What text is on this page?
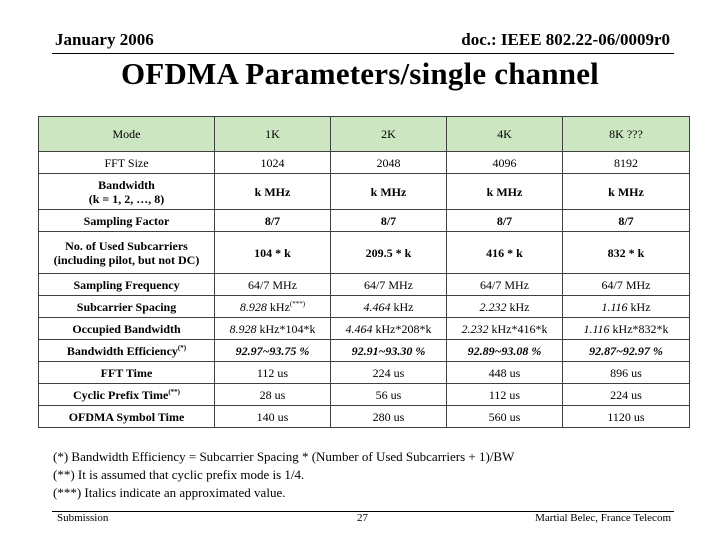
January 2006	doc.: IEEE 802.22-06/0009r0
OFDMA Parameters/single channel
Mode	1K	2K	4K	8K ???
FFT Size	1024	2048	4096	8192

Bandwidth
(k = 1, 2, …, 8)	k MHz	k MHz	k MHz	k MHz
Sampling Factor	8/7	8/7	8/7	8/7

No. of Used Subcarriers
(including pilot, but not DC)	104 * k	209.5 * k	416 * k	832 * k
Sampling Frequency	64/7 MHz	64/7 MHz	64/7 MHz	64/7 MHz
Subcarrier Spacing	8.928 kHz(***)	4.464 kHz	2.232 kHz	1.116 kHz
Occupied Bandwidth	8.928 kHz*104*k	4.464 kHz*208*k	2.232 kHz*416*k	1.116 kHz*832*k
Bandwidth Efficiency(*)	92.97~93.75 %	92.91~93.30 %	92.89~93.08 %	92.87~92.97 %
FFT Time	112 us	224 us	448 us	896 us
Cyclic Prefix Time(**)	28 us	56 us	112 us	224 us
OFDMA Symbol Time	140 us	280 us	560 us	1120 us
(*) Bandwidth Efficiency = Subcarrier Spacing * (Number of Used Subcarriers + 1)/BW
(**) It is assumed that cyclic prefix mode is 1/4.
(***) Italics indicate an approximated value.
Submission	27	Martial Belec, France Telecom
